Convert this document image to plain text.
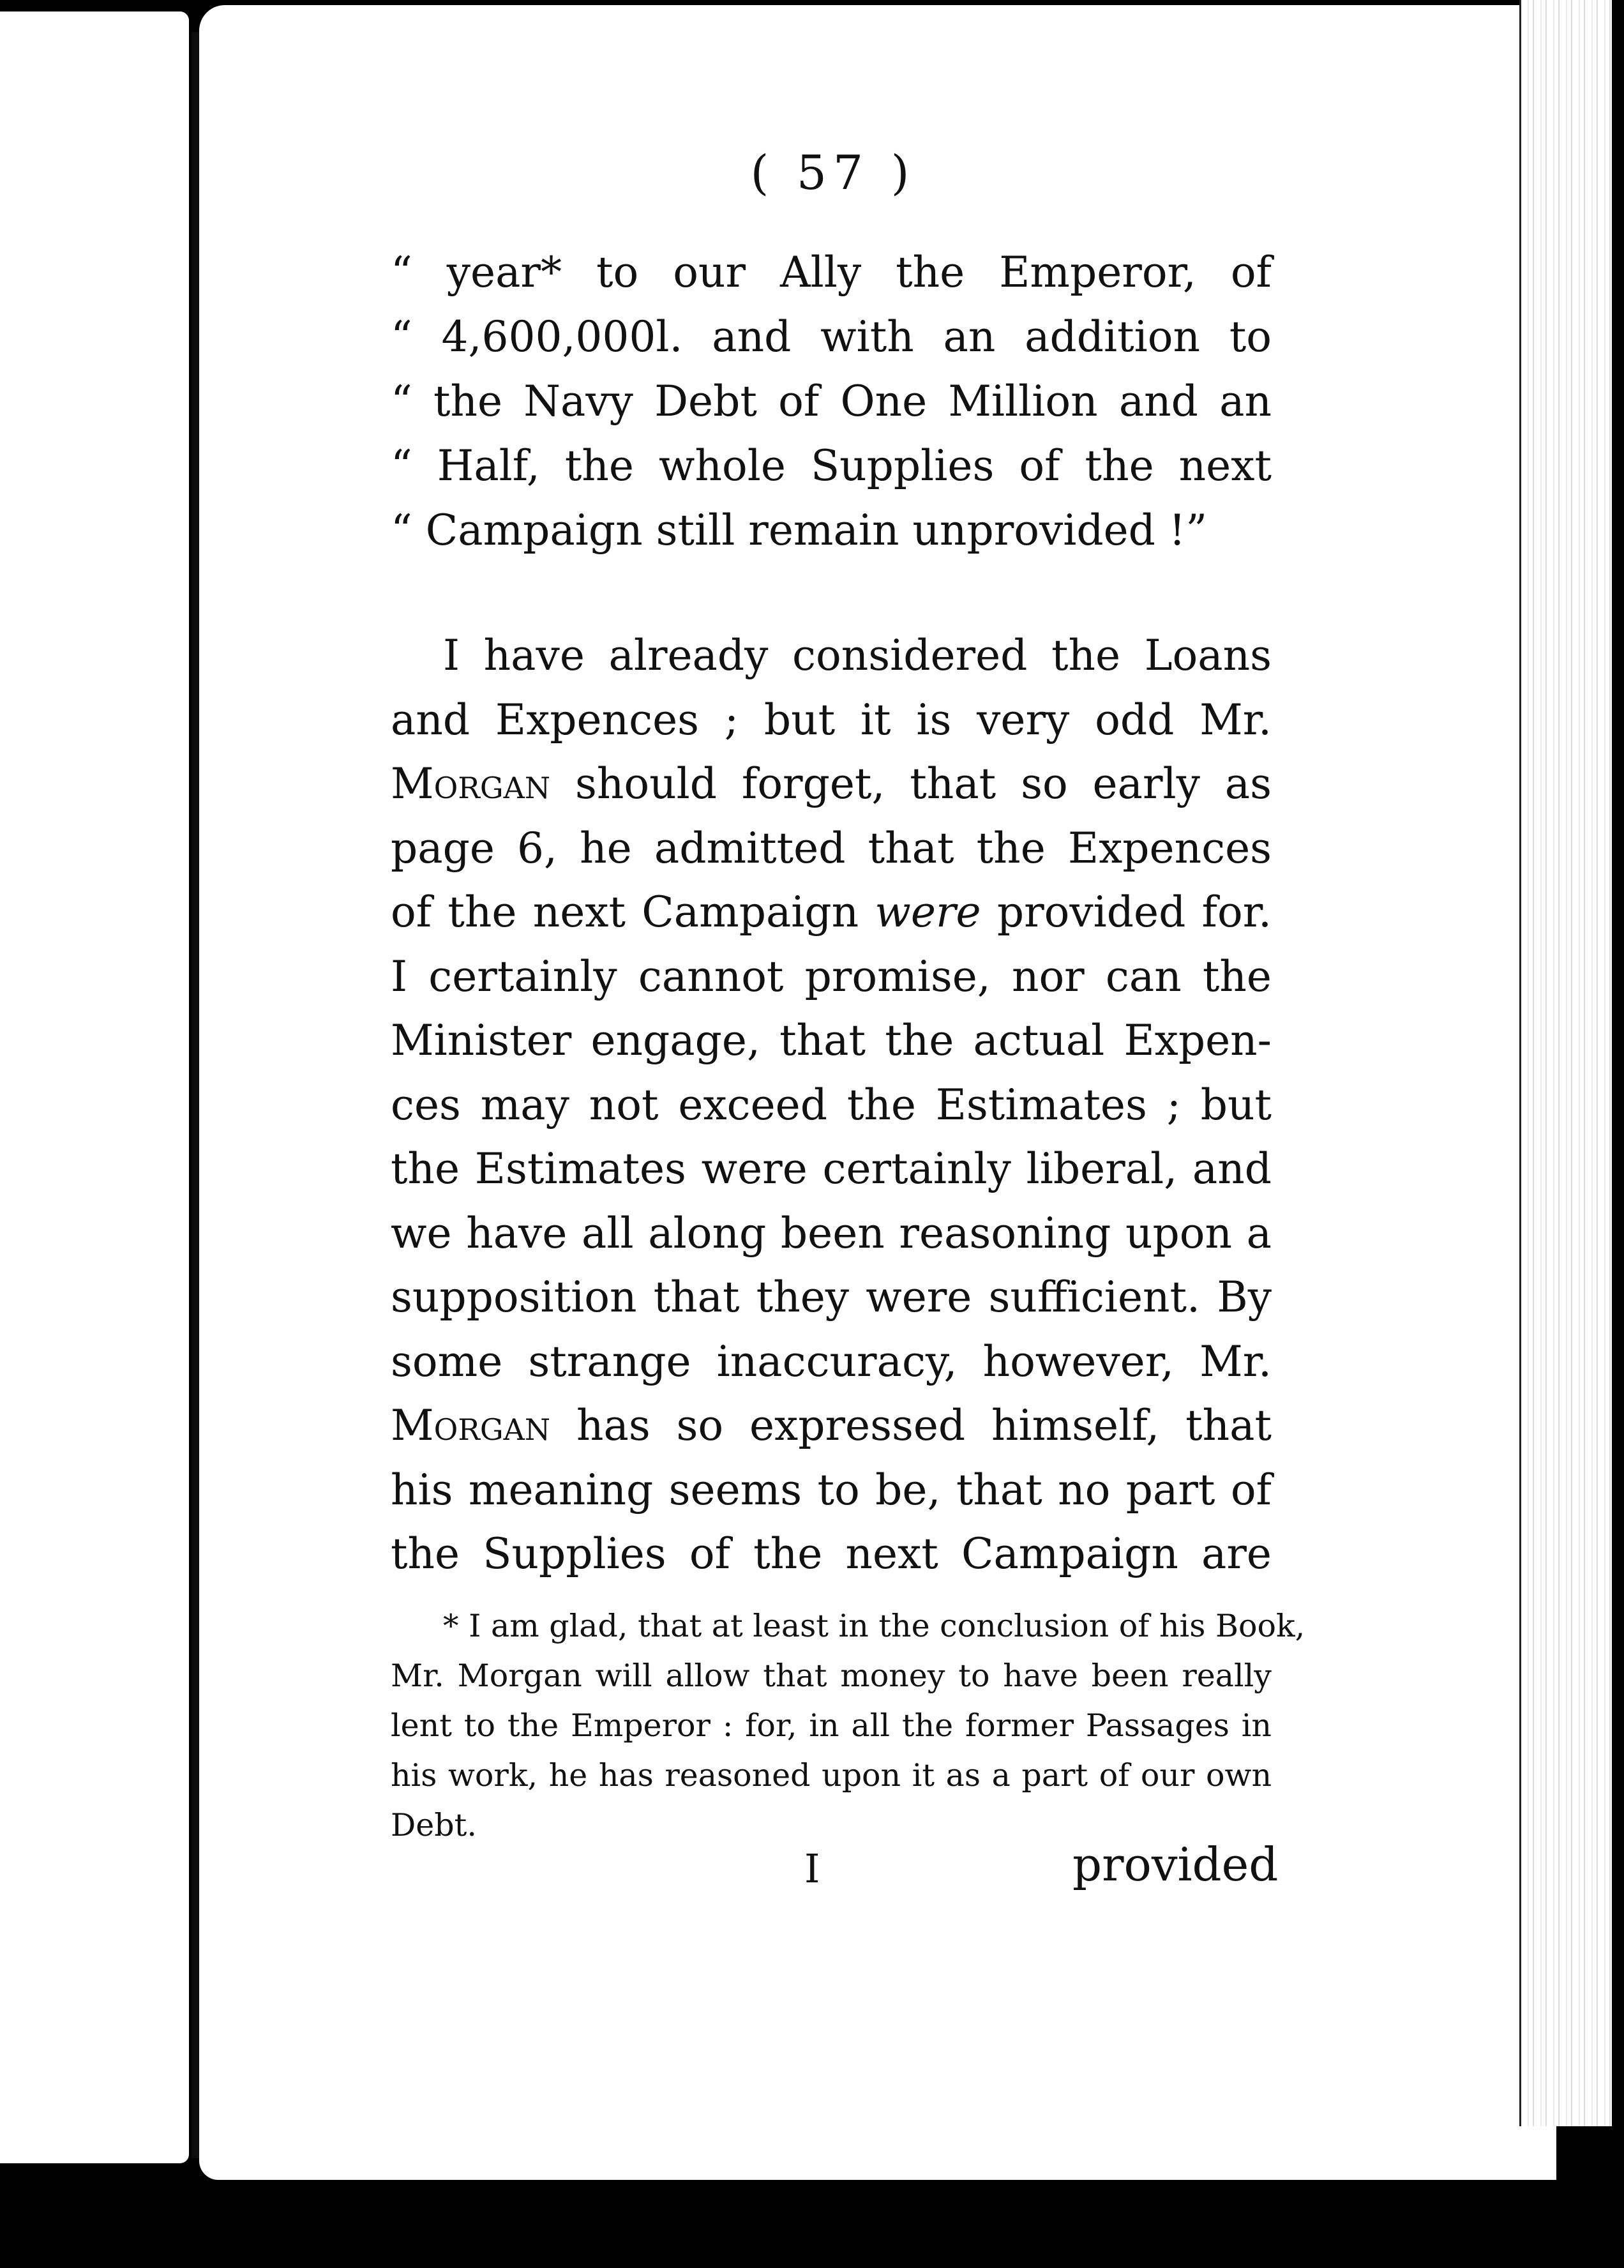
( 57 )
“ year* to our Ally the Emperor, of
“ 4,600,000l. and with an addition to
“ the Navy Debt of One Million and an
“ Half, the whole Supplies of the next
“ Campaign still remain unprovided !”
I have already considered the Loans
and Expences ; but it is very odd Mr.
Morgan should forget, that so early as
page 6, he admitted that the Expences
of the next Campaign were provided for.
I certainly cannot promise, nor can the
Minister engage, that the actual Expen-
ces may not exceed the Estimates ; but
the Estimates were certainly liberal, and
we have all along been reasoning upon a
supposition that they were sufficient. By
some strange inaccuracy, however, Mr.
Morgan has so expressed himself, that
his meaning seems to be, that no part of
the Supplies of the next Campaign are
* I am glad, that at least in the conclusion of his Book,
Mr. Morgan will allow that money to have been really
lent to the Emperor : for, in all the former Passages in
his work, he has reasoned upon it as a part of our own
Debt.
I	provided
